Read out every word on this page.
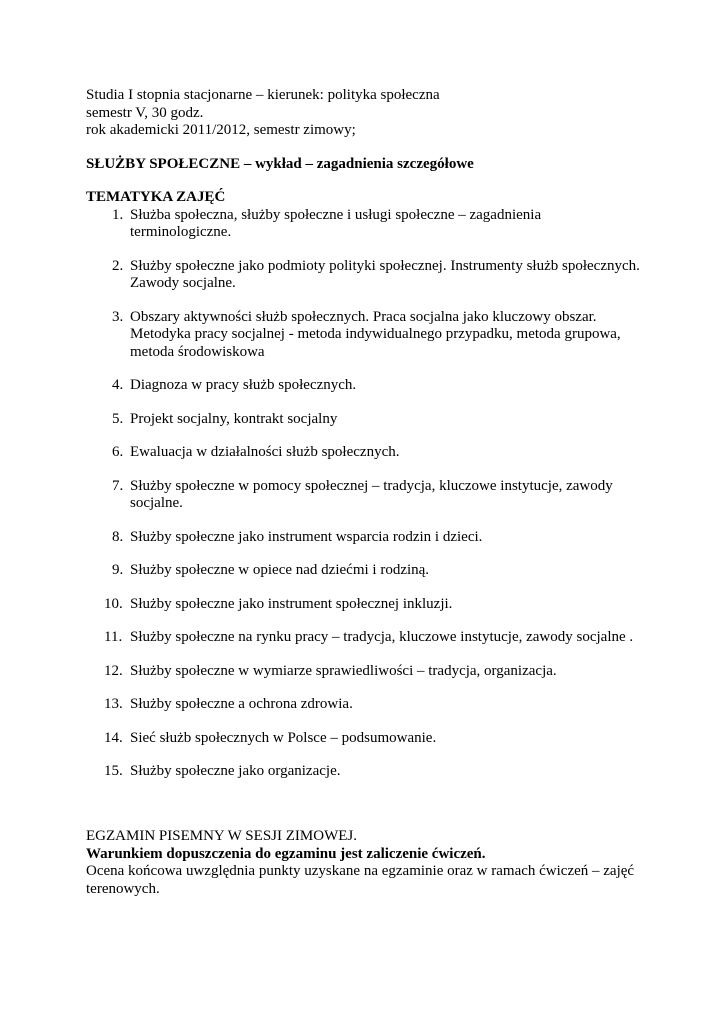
Studia I stopnia stacjonarne – kierunek: polityka społeczna

semestr V, 30 godz.

rok akademicki 2011/2012, semestr zimowy;

SŁUŻBY SPOŁECZNE – wykład – zagadnienia szczegółowe

TEMATYKA ZAJĘĆ

1. Służba społeczna, służby społeczne i usługi społeczne – zagadnienia terminologiczne.
2. Służby społeczne jako podmioty polityki społecznej. Instrumenty służb społecznych.
Zawody socjalne.
3. Obszary aktywności służb społecznych. Praca socjalna jako kluczowy obszar.
Metodyka pracy socjalnej - metoda indywidualnego przypadku, metoda grupowa,
metoda środowiskowa
4. Diagnoza w pracy służb społecznych.
5. Projekt socjalny, kontrakt socjalny
6. Ewaluacja w działalności służb społecznych.
7. Służby społeczne w pomocy społecznej – tradycja, kluczowe instytucje, zawody
socjalne.
8. Służby społeczne jako instrument wsparcia rodzin i dzieci.
9. Służby społeczne w opiece nad dziećmi i rodziną.
10. Służby społeczne jako instrument społecznej inkluzji.
11. Służby społeczne na rynku pracy – tradycja, kluczowe instytucje, zawody socjalne .
12. Służby społeczne w wymiarze sprawiedliwości – tradycja, organizacja.
13. Służby społeczne a ochrona zdrowia.
14. Sieć służb społecznych w Polsce – podsumowanie.
15. Służby społeczne jako organizacje.

EGZAMIN PISEMNY W SESJI ZIMOWEJ.

Warunkiem dopuszczenia do egzaminu jest zaliczenie ćwiczeń.

Ocena końcowa uwzględnia punkty uzyskane na egzaminie oraz w ramach ćwiczeń – zajęć

terenowych.
